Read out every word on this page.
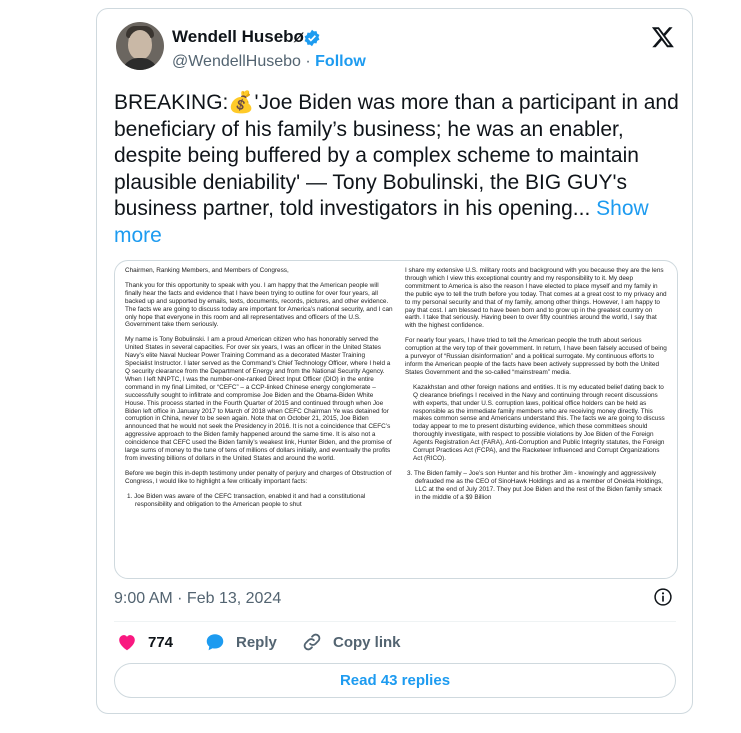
Wendell Husebø
@WendellHusebo · Follow
BREAKING:💰'Joe Biden was more than a participant in and beneficiary of his family’s business; he was an enabler, despite being buffered by a complex scheme to maintain plausible deniability' — Tony Bobulinski, the BIG GUY's business partner, told investigators in his opening... Show more

Chairmen, Ranking Members, and Members of Congress,

Thank you for this opportunity to speak with you. I am happy that the American people will finally hear the facts and evidence that I have been trying to outline for over four years, all backed up and supported by emails, texts, documents, records, pictures, and other evidence. The facts we are going to discuss today are important for America’s national security, and I can only hope that everyone in this room and all representatives and officers of the U.S. Government take them seriously.

My name is Tony Bobulinski. I am a proud American citizen who has honorably served the United States in several capacities. For over six years, I was an officer in the United States Navy’s elite Naval Nuclear Power Training Command as a decorated Master Training Specialist Instructor. I later served as the Command’s Chief Technology Officer, where I held a Q security clearance from the Department of Energy and from the National Security Agency. When I left NNPTC, I was the number-one-ranked Direct Input Officer (DIO) in the entire command in my final Limited, or “CEFC” – a CCP-linked Chinese energy conglomerate – successfully sought to infiltrate and compromise Joe Biden and the Obama-Biden White House. This process started in the Fourth Quarter of 2015 and continued through when Joe Biden left office in January 2017 to March of 2018 when CEFC Chairman Ye was detained for corruption in China, never to be seen again. Note that on October 21, 2015, Joe Biden announced that he would not seek the Presidency in 2016. It is not a coincidence that CEFC’s aggressive approach to the Biden family happened around the same time. It is also not a coincidence that CEFC used the Biden family’s weakest link, Hunter Biden, and the promise of large sums of money to the tune of tens of millions of dollars initially, and eventually the profits from investing billions of dollars in the United States and around the world.

Before we begin this in-depth testimony under penalty of perjury and charges of Obstruction of Congress, I would like to highlight a few critically important facts:

1. Joe Biden was aware of the CEFC transaction, enabled it and had a constitutional responsibility and obligation to the American people to shut

I share my extensive U.S. military roots and background with you because they are the lens through which I view this exceptional country and my responsibility to it. My deep commitment to America is also the reason I have elected to place myself and my family in the public eye to tell the truth before you today. That comes at a great cost to my privacy and to my personal security and that of my family, among other things. However, I am happy to pay that cost. I am blessed to have been born and to grow up in the greatest country on earth. I take that seriously. Having been to over fifty countries around the world, I say that with the highest confidence.

For nearly four years, I have tried to tell the American people the truth about serious corruption at the very top of their government. In return, I have been falsely accused of being a purveyor of “Russian disinformation” and a political surrogate. My continuous efforts to inform the American people of the facts have been actively suppressed by both the United States Government and the so-called “mainstream” media.

Kazakhstan and other foreign nations and entities. It is my educated belief dating back to Q clearance briefings I received in the Navy and continuing through recent discussions with experts, that under U.S. corruption laws, political office holders can be held as responsible as the immediate family members who are receiving money directly. This makes common sense and Americans understand this. The facts we are going to discuss today appear to me to present disturbing evidence, which these committees should thoroughly investigate, with respect to possible violations by Joe Biden of the Foreign Agents Registration Act (FARA), Anti-Corruption and Public Integrity statutes, the Foreign Corrupt Practices Act (FCPA), and the Racketeer Influenced and Corrupt Organizations Act (RICO).

3. The Biden family – Joe’s son Hunter and his brother Jim - knowingly and aggressively defrauded me as the CEO of SinoHawk Holdings and as a member of Oneida Holdings, LLC at the end of July 2017. They put Joe Biden and the rest of the Biden family smack in the middle of a $9 Billion

9:00 AM · Feb 13, 2024
774	Reply	Copy link
Read 43 replies
